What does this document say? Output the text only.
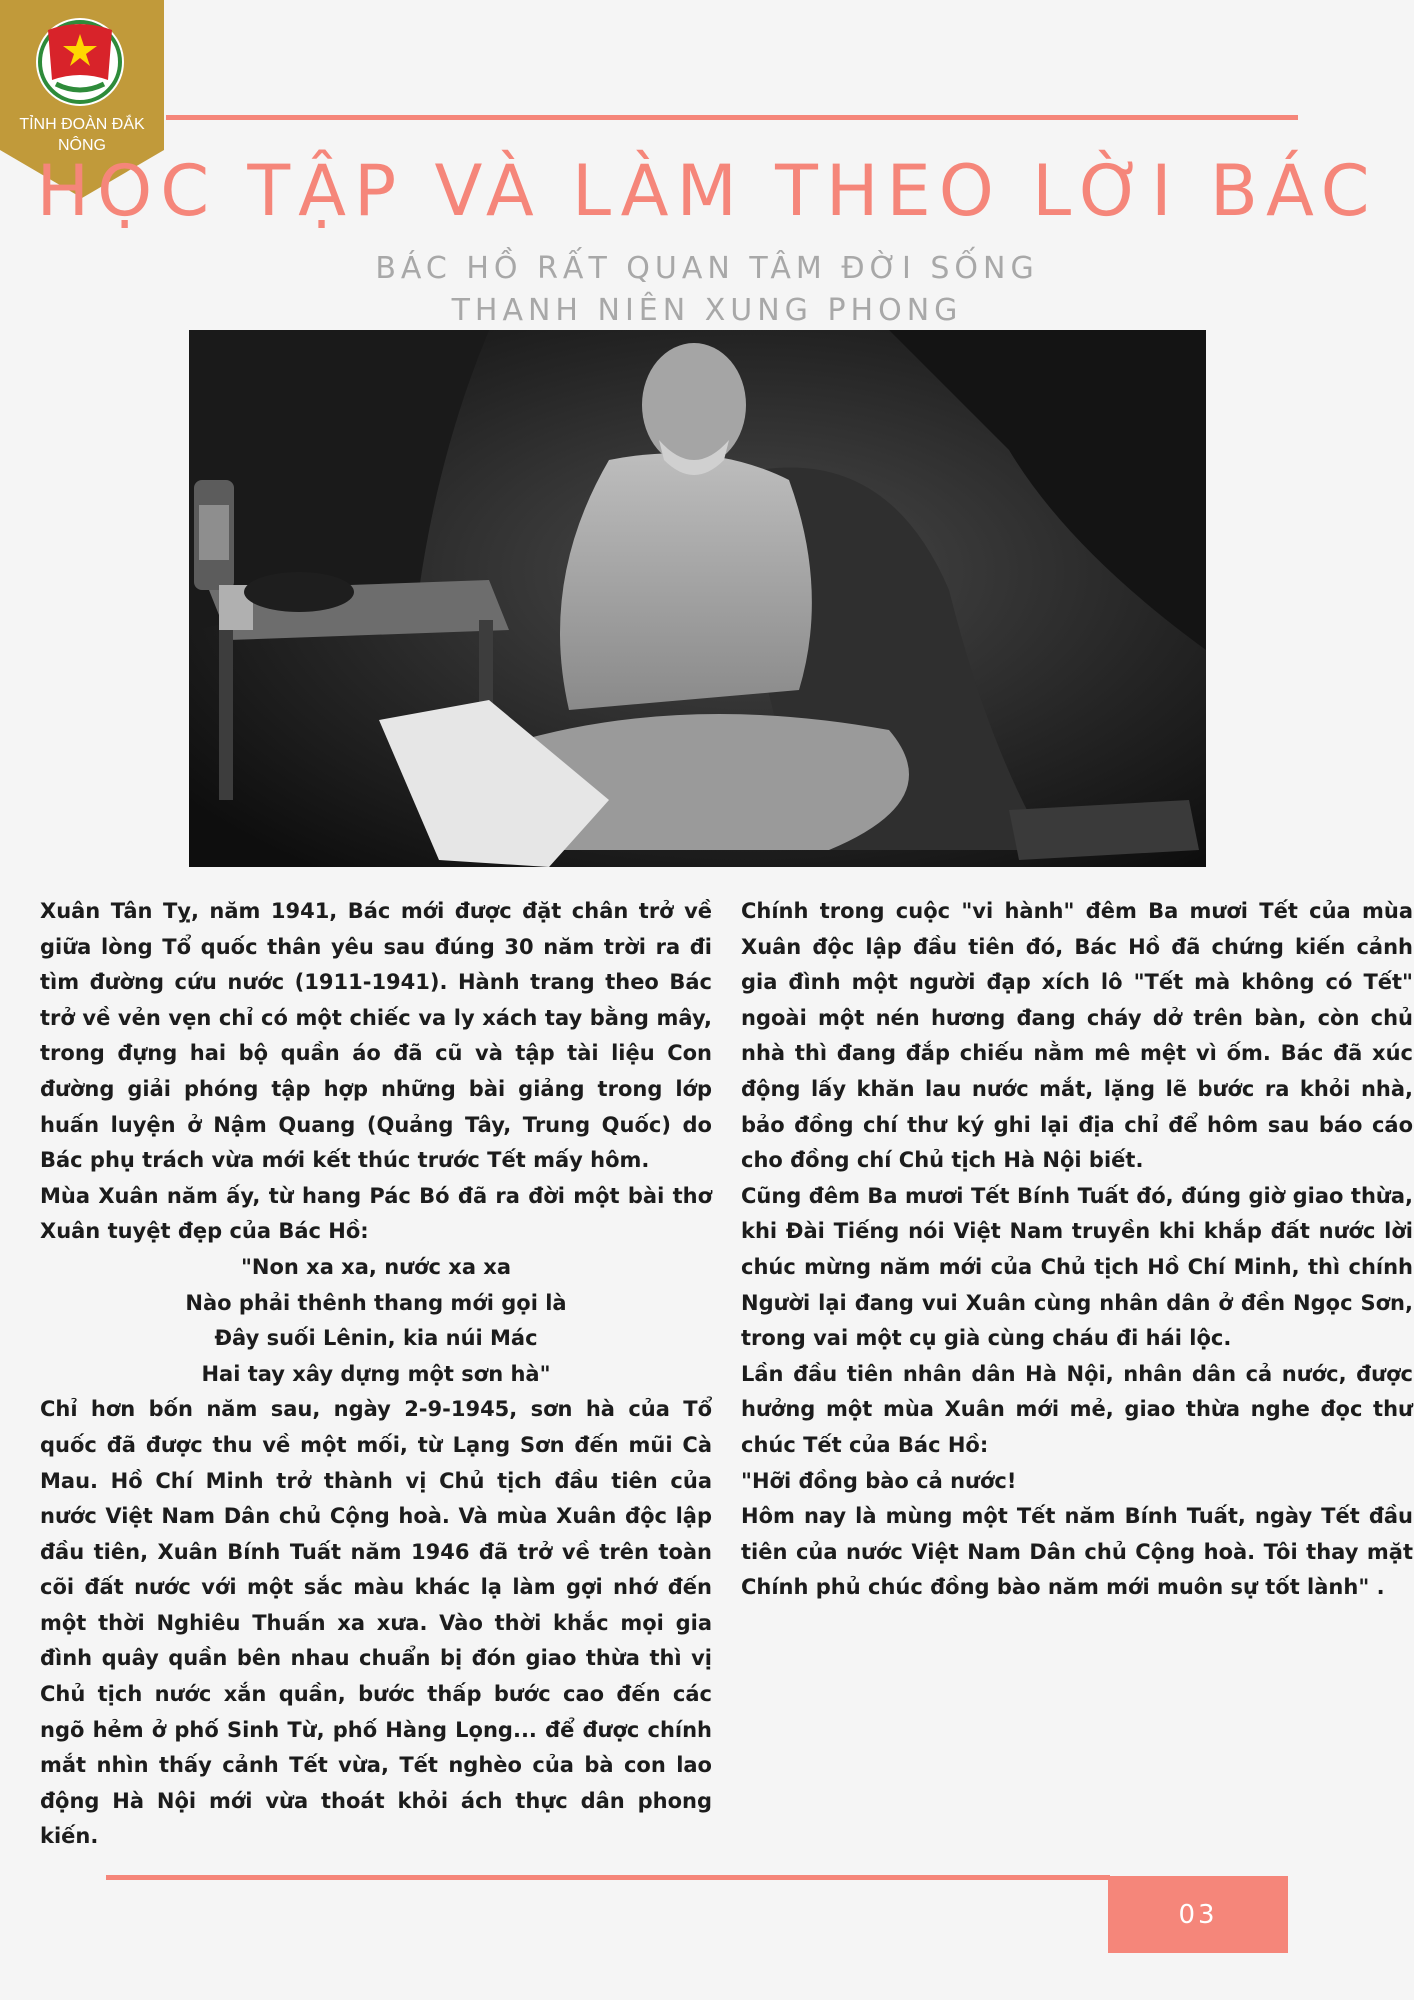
TỈNH ĐOÀN ĐẮK NÔNG
HỌC TẬP VÀ LÀM THEO LỜI BÁC
BÁC HỒ RẤT QUAN TÂM ĐỜI SỐNG
THANH NIÊN XUNG PHONG

Xuân Tân Tỵ, năm 1941, Bác mới được đặt chân trở về giữa lòng Tổ quốc thân yêu sau đúng 30 năm trời ra đi tìm đường cứu nước (1911-1941). Hành trang theo Bác trở về vẻn vẹn chỉ có một chiếc va ly xách tay bằng mây, trong đựng hai bộ quần áo đã cũ và tập tài liệu Con đường giải phóng tập hợp những bài giảng trong lớp huấn luyện ở Nậm Quang (Quảng Tây, Trung Quốc) do Bác phụ trách vừa mới kết thúc trước Tết mấy hôm.

Mùa Xuân năm ấy, từ hang Pác Bó đã ra đời một bài thơ Xuân tuyệt đẹp của Bác Hồ:

"Non xa xa, nước xa xa
Nào phải thênh thang mới gọi là
Đây suối Lênin, kia núi Mác
Hai tay xây dựng một sơn hà"

Chỉ hơn bốn năm sau, ngày 2-9-1945, sơn hà của Tổ quốc đã được thu về một mối, từ Lạng Sơn đến mũi Cà Mau. Hồ Chí Minh trở thành vị Chủ tịch đầu tiên của nước Việt Nam Dân chủ Cộng hoà. Và mùa Xuân độc lập đầu tiên, Xuân Bính Tuất năm 1946 đã trở về trên toàn cõi đất nước với một sắc màu khác lạ làm gợi nhớ đến một thời Nghiêu Thuấn xa xưa. Vào thời khắc mọi gia đình quây quần bên nhau chuẩn bị đón giao thừa thì vị Chủ tịch nước xắn quần, bước thấp bước cao đến các ngõ hẻm ở phố Sinh Từ, phố Hàng Lọng... để được chính mắt nhìn thấy cảnh Tết vừa, Tết nghèo của bà con lao động Hà Nội mới vừa thoát khỏi ách thực dân phong kiến.

Chính trong cuộc "vi hành" đêm Ba mươi Tết của mùa Xuân độc lập đầu tiên đó, Bác Hồ đã chứng kiến cảnh gia đình một người đạp xích lô "Tết mà không có Tết" ngoài một nén hương đang cháy dở trên bàn, còn chủ nhà thì đang đắp chiếu nằm mê mệt vì ốm. Bác đã xúc động lấy khăn lau nước mắt, lặng lẽ bước ra khỏi nhà, bảo đồng chí thư ký ghi lại địa chỉ để hôm sau báo cáo cho đồng chí Chủ tịch Hà Nội biết.

Cũng đêm Ba mươi Tết Bính Tuất đó, đúng giờ giao thừa, khi Đài Tiếng nói Việt Nam truyền khi khắp đất nước lời chúc mừng năm mới của Chủ tịch Hồ Chí Minh, thì chính Người lại đang vui Xuân cùng nhân dân ở đền Ngọc Sơn, trong vai một cụ già cùng cháu đi hái lộc.

Lần đầu tiên nhân dân Hà Nội, nhân dân cả nước, được hưởng một mùa Xuân mới mẻ, giao thừa nghe đọc thư chúc Tết của Bác Hồ:

"Hỡi đồng bào cả nước!

Hôm nay là mùng một Tết năm Bính Tuất, ngày Tết đầu tiên của nước Việt Nam Dân chủ Cộng hoà. Tôi thay mặt Chính phủ chúc đồng bào năm mới muôn sự tốt lành" .

03
